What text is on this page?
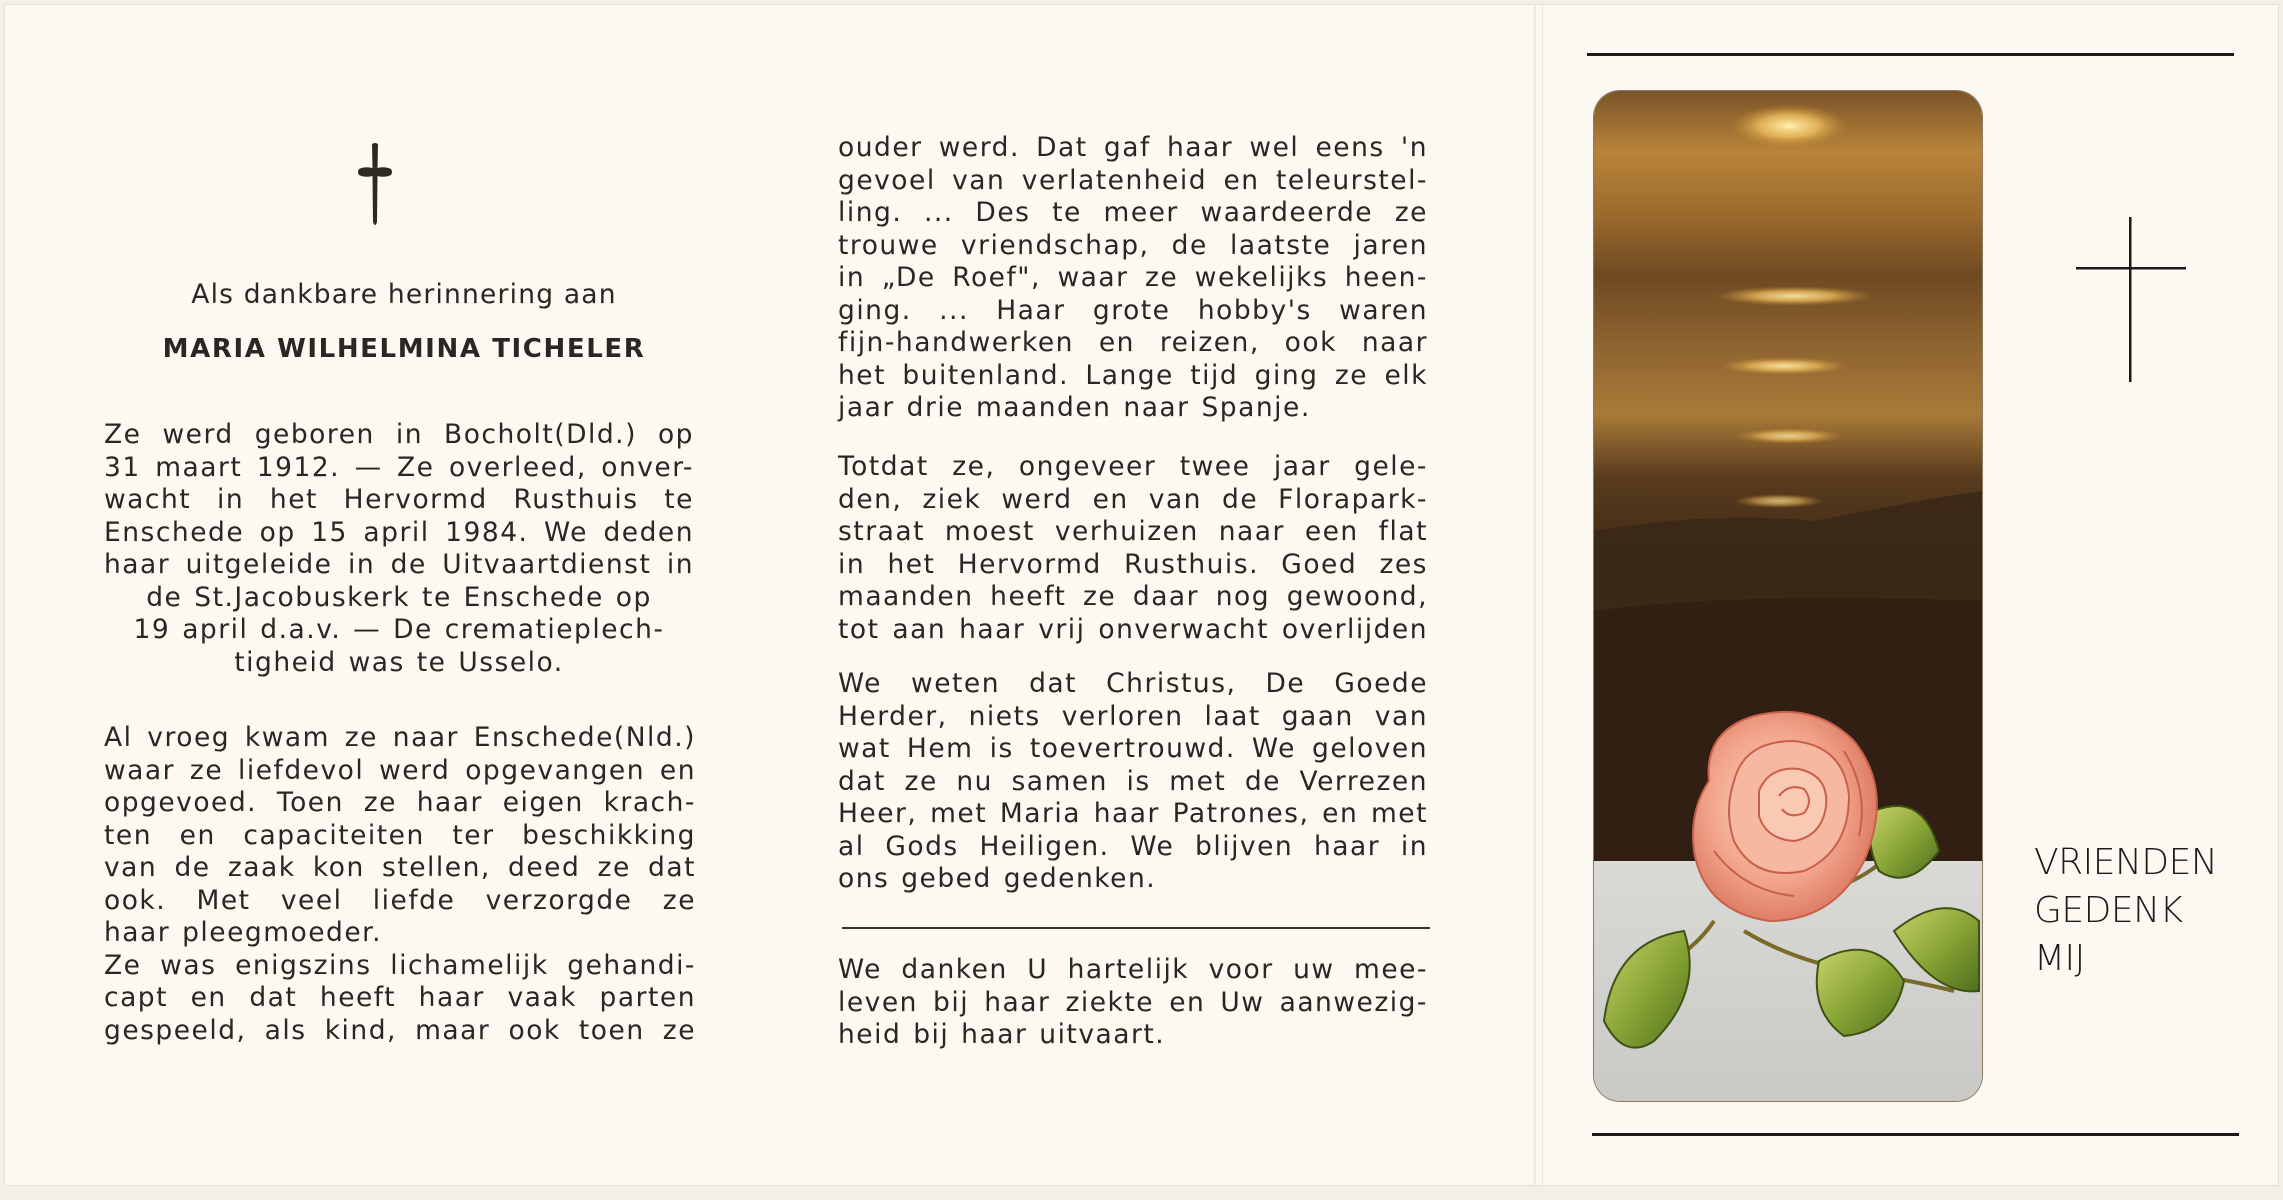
Als dankbare herinnering aan
MARIA WILHELMINA TICHELER

Ze werd geboren in Bocholt(Dld.) op
31 maart 1912. — Ze overleed, onver-
wacht in het Hervormd Rusthuis te
Enschede op 15 april 1984. We deden
haar uitgeleide in de Uitvaartdienst in
de St.Jacobuskerk te Enschede op
19 april d.a.v. — De crematieplech-
tigheid was te Usselo.

Al vroeg kwam ze naar Enschede(Nld.)
waar ze liefdevol werd opgevangen en
opgevoed. Toen ze haar eigen krach-
ten en capaciteiten ter beschikking
van de zaak kon stellen, deed ze dat
ook. Met veel liefde verzorgde ze
haar pleegmoeder.
Ze was enigszins lichamelijk gehandi-
capt en dat heeft haar vaak parten
gespeeld, als kind, maar ook toen ze

ouder werd. Dat gaf haar wel eens 'n
gevoel van verlatenheid en teleurstel-
ling. ... Des te meer waardeerde ze
trouwe vriendschap, de laatste jaren
in „De Roef", waar ze wekelijks heen-
ging. ... Haar grote hobby's waren
fijn-handwerken en reizen, ook naar
het buitenland. Lange tijd ging ze elk
jaar drie maanden naar Spanje.

Totdat ze, ongeveer twee jaar gele-
den, ziek werd en van de Florapark-
straat moest verhuizen naar een flat
in het Hervormd Rusthuis. Goed zes
maanden heeft ze daar nog gewoond,
tot aan haar vrij onverwacht overlijden

We weten dat Christus, De Goede
Herder, niets verloren laat gaan van
wat Hem is toevertrouwd. We geloven
dat ze nu samen is met de Verrezen
Heer, met Maria haar Patrones, en met
al Gods Heiligen. We blijven haar in
ons gebed gedenken.

We danken U hartelijk voor uw mee-
leven bij haar ziekte en Uw aanwezig-
heid bij haar uitvaart.

VRIENDEN
GEDENK
MIJ
